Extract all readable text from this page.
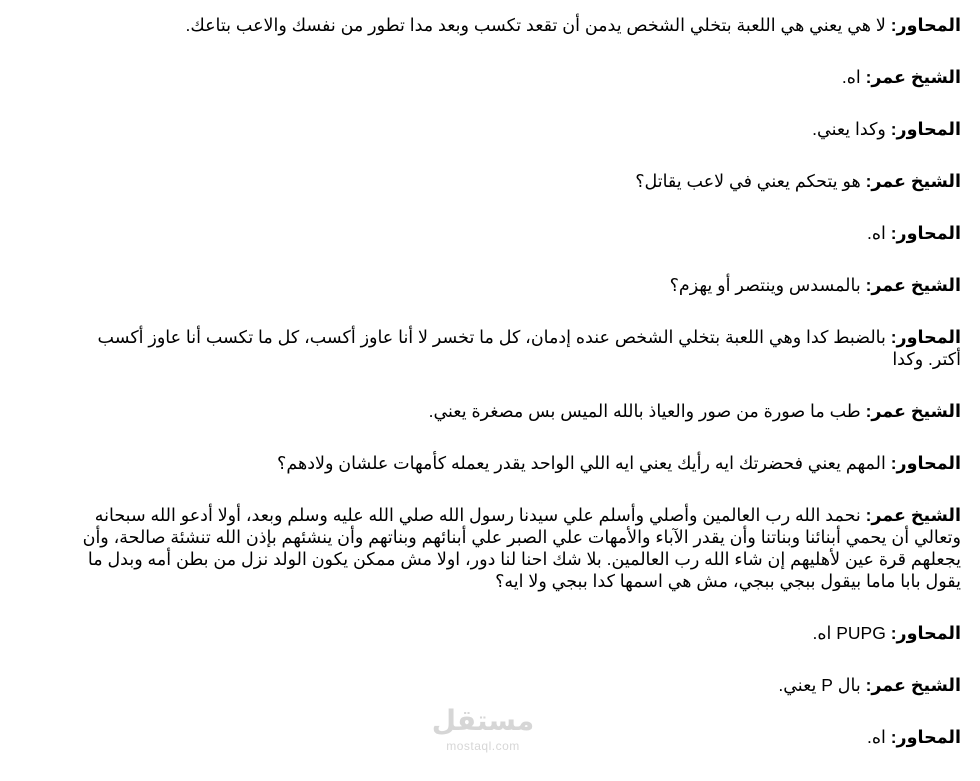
المحاور: لا هي يعني هي اللعبة بتخلي الشخص يدمن أن تقعد تكسب وبعد مدا تطور من نفسك والاعب بتاعك.

الشيخ عمر: اه.

المحاور: وكدا يعني.

الشيخ عمر: هو يتحكم يعني في لاعب يقاتل؟

المحاور: اه.

الشيخ عمر: بالمسدس وينتصر أو يهزم؟

المحاور: بالضبط كدا وهي اللعبة بتخلي الشخص عنده إدمان، كل ما تخسر لا أنا عاوز أكسب، كل ما تكسب أنا عاوز أكسب أكتر. وكدا

الشيخ عمر: طب ما صورة من صور والعياذ بالله الميس بس مصغرة يعني.

المحاور: المهم يعني فحضرتك ايه رأيك يعني ايه اللي الواحد يقدر يعمله كأمهات علشان ولادهم؟

الشيخ عمر: نحمد الله رب العالمين وأصلي وأسلم علي سيدنا رسول الله صلي الله عليه وسلم وبعد، أولا أدعو الله سبحانه وتعالي أن يحمي أبنائنا وبناتنا وأن يقدر الآباء والأمهات علي الصبر علي أبنائهم وبناتهم وأن ينشئهم بإذن الله تنشئة صالحة، وأن يجعلهم قرة عين لأهليهم إن شاء الله رب العالمين. بلا شك احنا لنا دور، اولا مش ممكن يكون الولد نزل من بطن أمه وبدل ما يقول بابا ماما بيقول ببجي ببجي، مش هي اسمها كدا ببجي ولا ايه؟

المحاور: PUPG اه.

الشيخ عمر: بال P يعني.

المحاور: اه.

مستقل
mostaql.com
